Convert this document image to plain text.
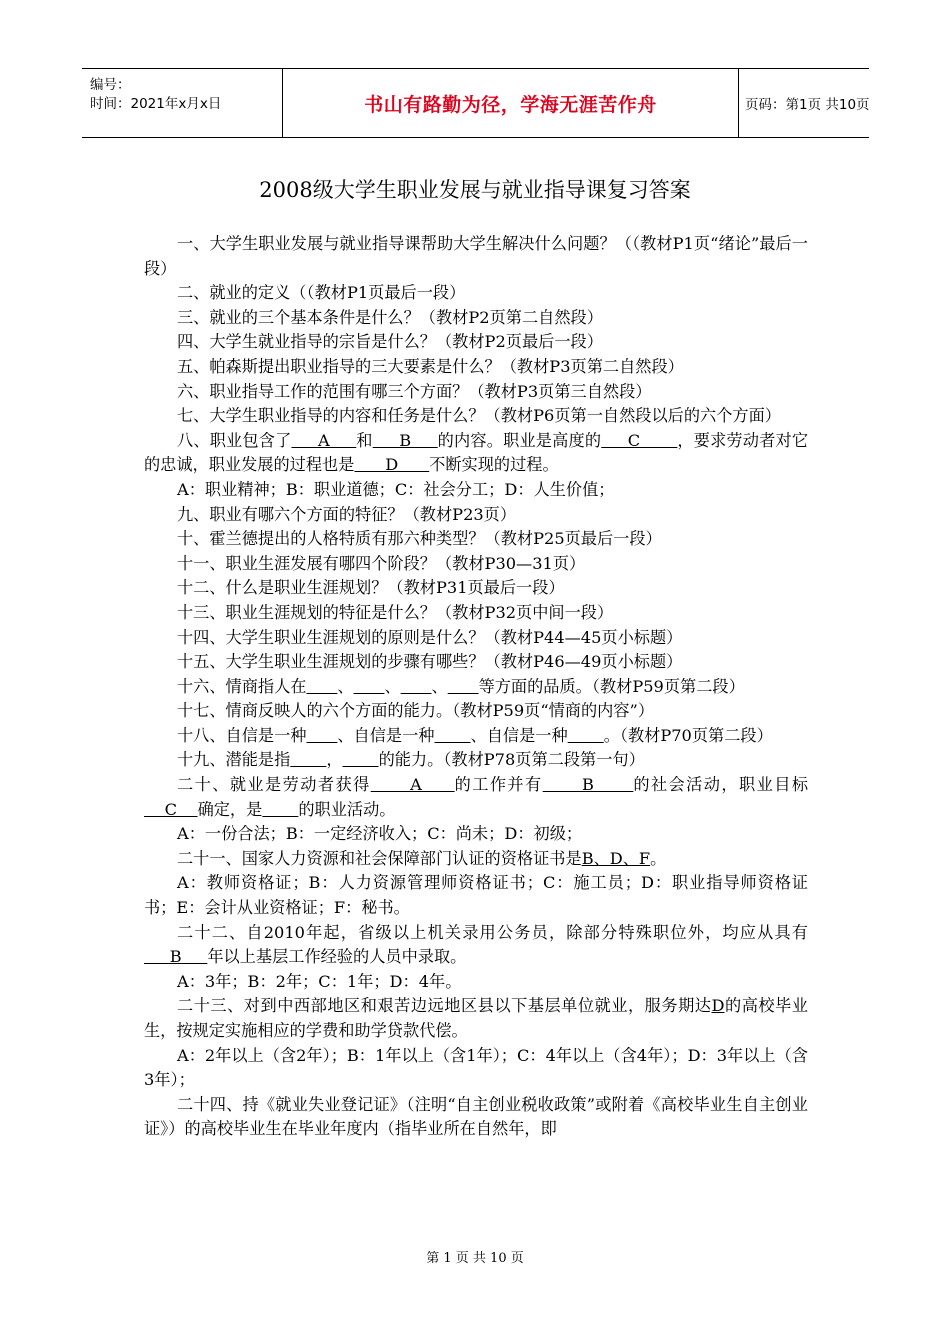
编号：
时间：2021年x月x日	书山有路勤为径，学海无涯苦作舟	页码：第1页 共10页
2008级大学生职业发展与就业指导课复习答案

一、大学生职业发展与就业指导课帮助大学生解决什么问题？（（教材P1页“绪论”最后一段）

二、就业的定义（（教材P1页最后一段）

三、就业的三个基本条件是什么？（教材P2页第二自然段）

四、大学生就业指导的宗旨是什么？（教材P2页最后一段）

五、帕森斯提出职业指导的三大要素是什么？（教材P3页第二自然段）

六、职业指导工作的范围有哪三个方面？（教材P3页第三自然段）

七、大学生职业指导的内容和任务是什么？（教材P6页第一自然段以后的六个方面）

八、职业包含了     A     和     B     的内容。职业是高度的     C       ，要求劳动者对它的忠诚，职业发展的过程也是      D      不断实现的过程。

A：职业精神；B：职业道德；C：社会分工；D：人生价值；

九、职业有哪六个方面的特征？（教材P23页）

十、霍兰德提出的人格特质有那六种类型？（教材P25页最后一段）

十一、职业生涯发展有哪四个阶段？（教材P30—31页）

十二、什么是职业生涯规划？（教材P31页最后一段）

十三、职业生涯规划的特征是什么？（教材P32页中间一段）

十四、大学生职业生涯规划的原则是什么？（教材P44—45页小标题）

十五、大学生职业生涯规划的步骤有哪些？（教材P46—49页小标题）

十六、情商指人在 、 、 、 等方面的品质。（教材P59页第二段）

十七、情商反映人的六个方面的能力。（教材P59页“情商的内容”）

十八、自信是一种 、自信是一种 、自信是一种 。（教材P70页第二段）

十九、潜能是指 ， 的能力。（教材P78页第二段第一句）

二十、就业是劳动者获得      A     的工作并有      B      的社会活动，职业目标    C    确定，是 的职业活动。

A：一份合法；B：一定经济收入；C：尚未；D：初级；

二十一、国家人力资源和社会保障部门认证的资格证书是B、D、F。

A：教师资格证；B：人力资源管理师资格证书；C：施工员；D：职业指导师资格证书；E：会计从业资格证；F：秘书。

二十二、自2010年起，省级以上机关录用公务员，除部分特殊职位外，均应从具有     B     年以上基层工作经验的人员中录取。

A：3年；B：2年；C：1年；D：4年。

二十三、对到中西部地区和艰苦边远地区县以下基层单位就业，服务期达D的高校毕业生，按规定实施相应的学费和助学贷款代偿。

A：2年以上（含2年）；B：1年以上（含1年）；C：4年以上（含4年）；D：3年以上（含3年）；

二十四、持《就业失业登记证》（注明“自主创业税收政策”或附着《高校毕业生自主创业证》）的高校毕业生在毕业年度内（指毕业所在自然年，即

第 1 页 共 10 页
